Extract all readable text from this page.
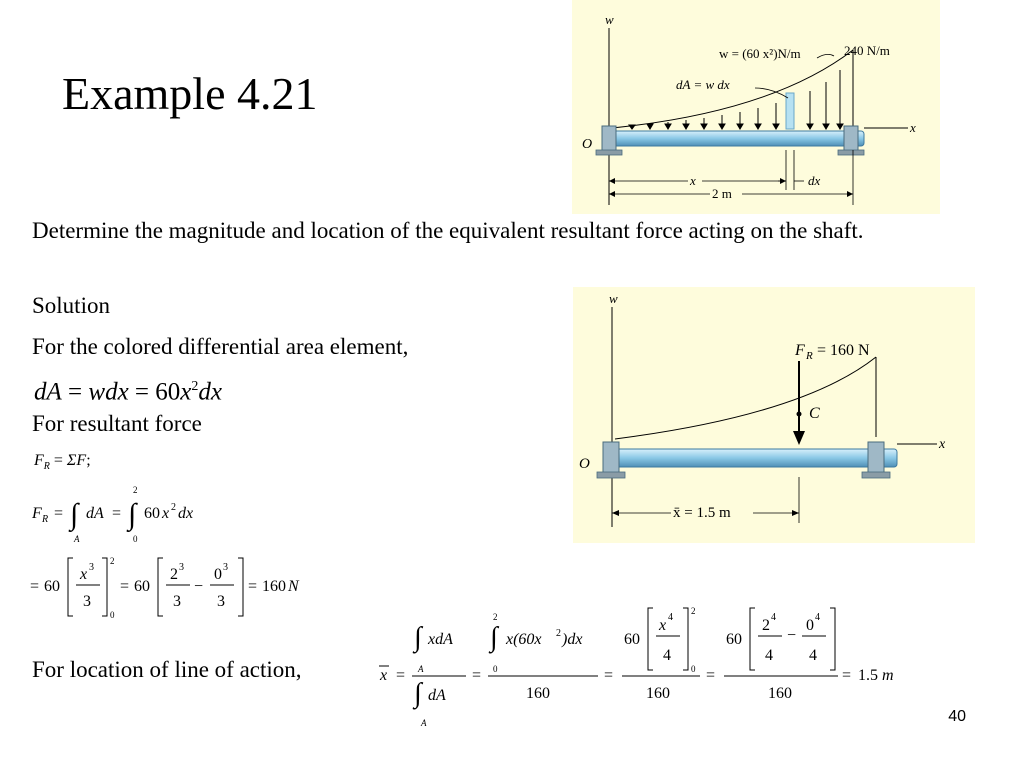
Example 4.21
w
dA = w dx
w = (60 x²)N/m	240 N/m
x
O
x	dx
2 m
Determine the magnitude and location of the equivalent resultant force acting on the shaft.
Solution
For the colored differential area element,
dA = wdx = $60x^2dx$
For resultant force
$F_R = \Sigma F$;
F R = ∫
A
dA = ∫
2
0
60 x 2 dx
= 60
x 3
3
2
0
= 60
2 3
3
−
0 3
3
= 160 N
w
F R = 160 N
C
x
O
x̄ = 1.5 m
For location of line of action,	x =
∫ xdA
A
∫ dA
A
=
∫
2
0
x(60x 2 )dx
160
=
60
x 4
4
2
0
160
=
60
2 4
4
−
0 4
4
160
= 1.5 m
40
